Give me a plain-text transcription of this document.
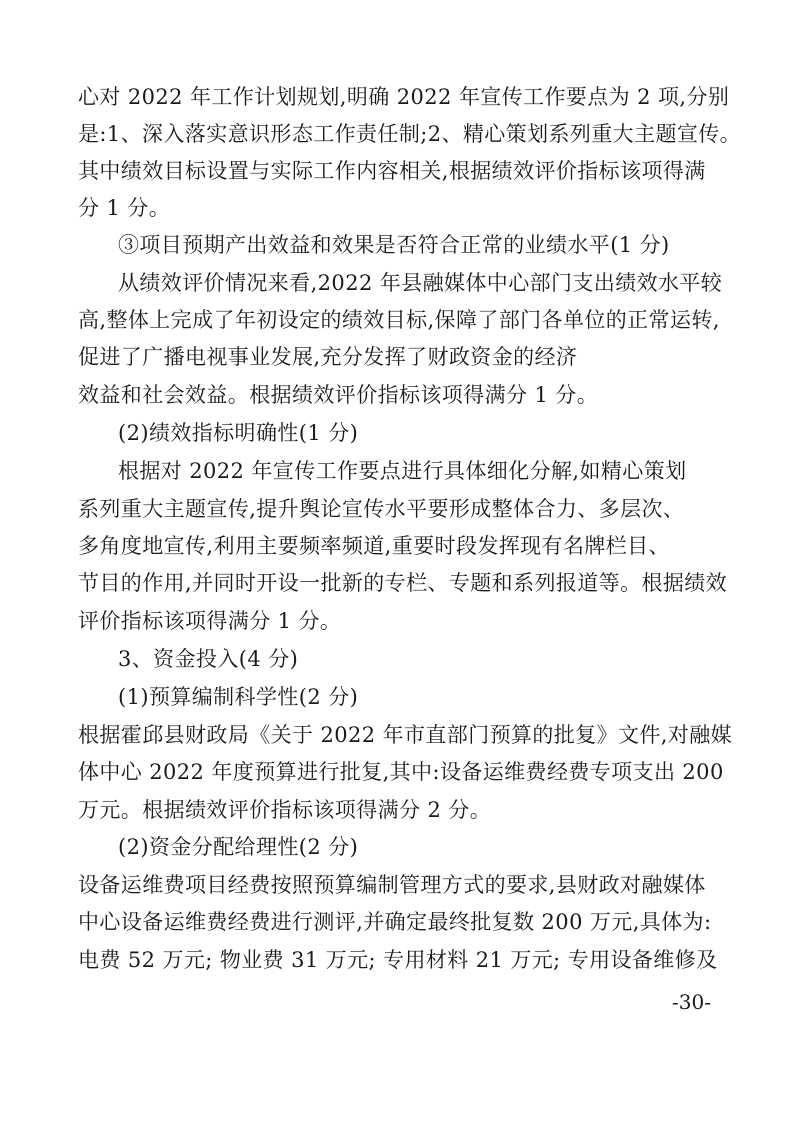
心对 2022 年工作计划规划,明确 2022 年宣传工作要点为 2 项,分别
是:1、深入落实意识形态工作责任制;2、精心策划系列重大主题宣传。
其中绩效目标设置与实际工作内容相关,根据绩效评价指标该项得满
分 1 分。
③项目预期产出效益和效果是否符合正常的业绩水平(1 分)
从绩效评价情况来看,2022 年县融媒体中心部门支出绩效水平较
高,整体上完成了年初设定的绩效目标,保障了部门各单位的正常运转,
促进了广播电视事业发展,充分发挥了财政资金的经济
效益和社会效益。根据绩效评价指标该项得满分 1 分。
(2)绩效指标明确性(1 分)
根据对 2022 年宣传工作要点进行具体细化分解,如精心策划
系列重大主题宣传,提升舆论宣传水平要形成整体合力、多层次、
多角度地宣传,利用主要频率频道,重要时段发挥现有名牌栏目、
节目的作用,并同时开设一批新的专栏、专题和系列报道等。根据绩效
评价指标该项得满分 1 分。
3、资金投入(4 分)
(1)预算编制科学性(2 分)
根据霍邱县财政局《关于 2022 年市直部门预算的批复》文件,对融媒
体中心 2022 年度预算进行批复,其中:设备运维费经费专项支出 200
万元。根据绩效评价指标该项得满分 2 分。
(2)资金分配给理性(2 分)
设备运维费项目经费按照预算编制管理方式的要求,县财政对融媒体
中心设备运维费经费进行测评,并确定最终批复数 200 万元,具体为:
电费 52 万元; 物业费 31 万元; 专用材料 21 万元; 专用设备维修及
-30-
